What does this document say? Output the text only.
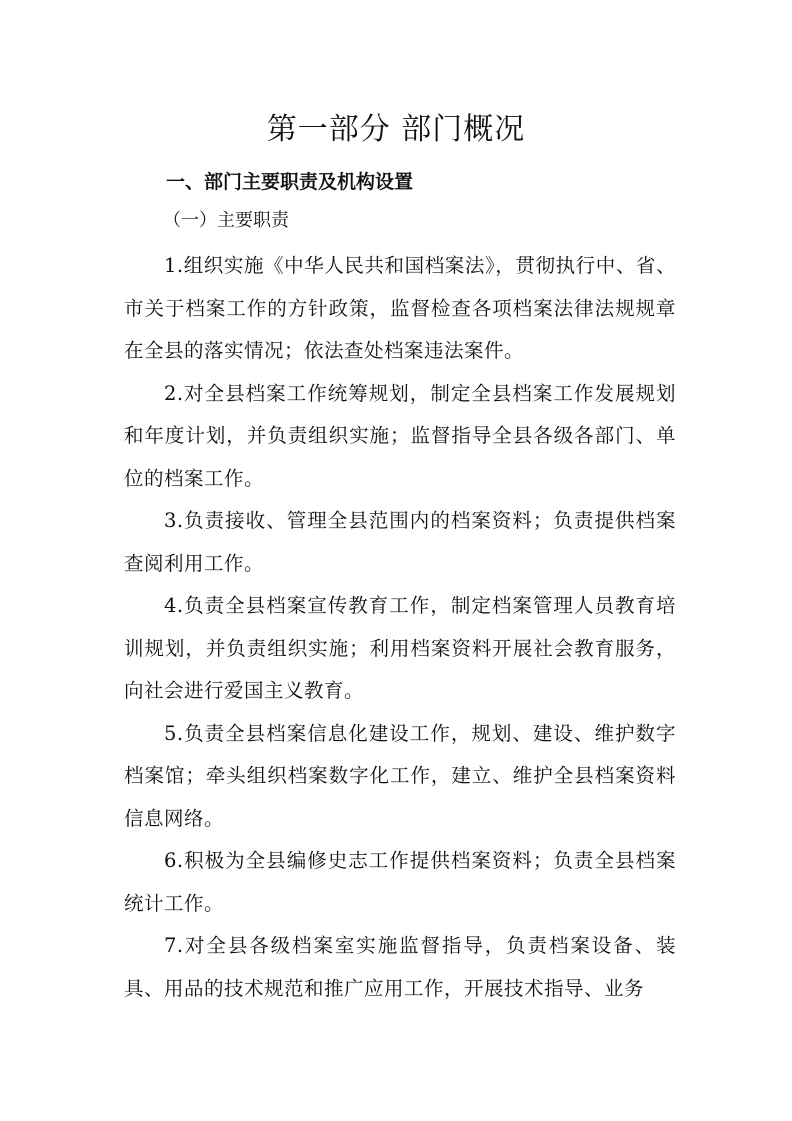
第一部分 部门概况
一、部门主要职责及机构设置
（一）主要职责
1.组织实施《中华人民共和国档案法》，贯彻执行中、省、市关于档案工作的方针政策，监督检查各项档案法律法规规章在全县的落实情况；依法查处档案违法案件。
2.对全县档案工作统筹规划，制定全县档案工作发展规划和年度计划，并负责组织实施；监督指导全县各级各部门、单位的档案工作。
3.负责接收、管理全县范围内的档案资料；负责提供档案查阅利用工作。
4.负责全县档案宣传教育工作，制定档案管理人员教育培训规划，并负责组织实施；利用档案资料开展社会教育服务，向社会进行爱国主义教育。
5.负责全县档案信息化建设工作，规划、建设、维护数字档案馆；牵头组织档案数字化工作，建立、维护全县档案资料信息网络。
6.积极为全县编修史志工作提供档案资料；负责全县档案统计工作。
7.对全县各级档案室实施监督指导，负责档案设备、装具、用品的技术规范和推广应用工作，开展技术指导、业务
